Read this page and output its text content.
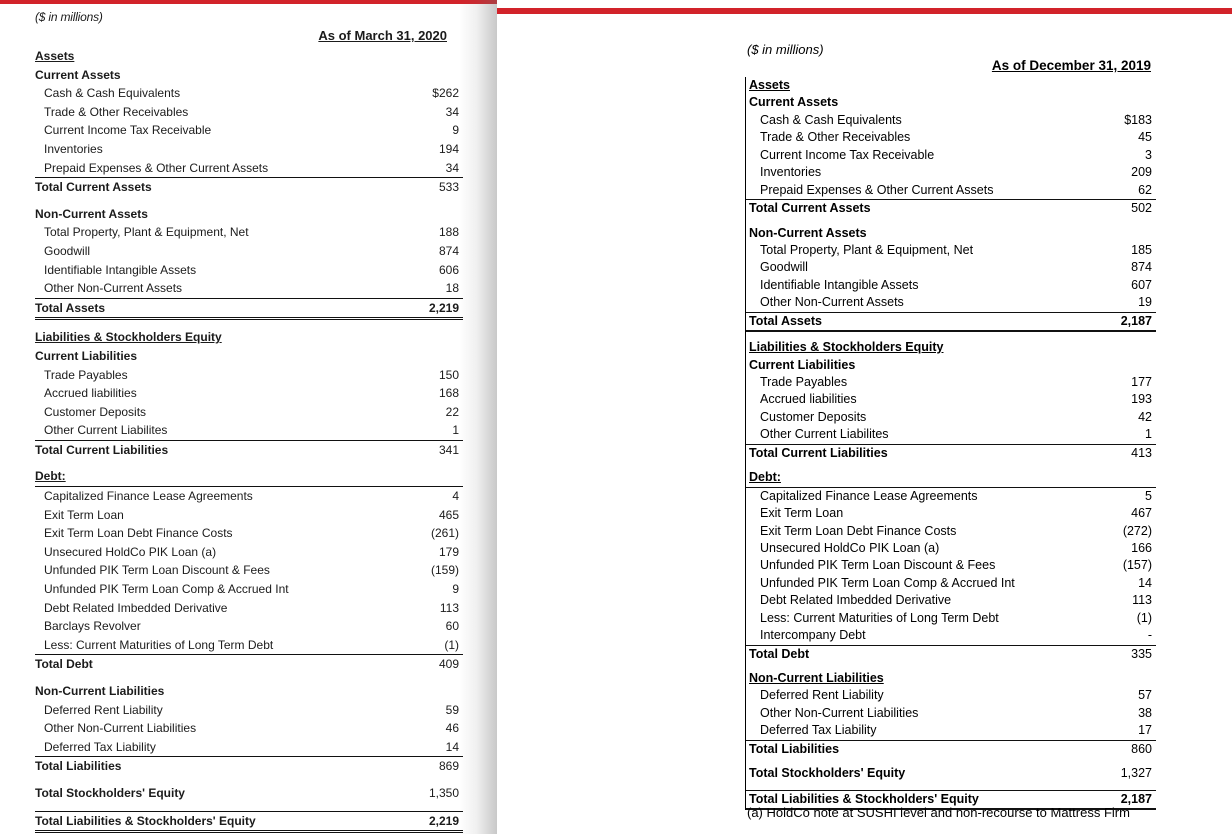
($ in millions)
As of March 31, 2020
Assets
Current Assets
Cash & Cash Equivalents	$262
Trade & Other Receivables	34
Current Income Tax Receivable	9
Inventories	194
Prepaid Expenses & Other Current Assets	34
Total Current Assets	533
Non-Current Assets
Total Property, Plant & Equipment, Net	188
Goodwill	874
Identifiable Intangible Assets	606
Other Non-Current Assets	18
Total Assets	2,219
Liabilities & Stockholders Equity
Current Liabilities
Trade Payables	150
Accrued liabilities	168
Customer Deposits	22
Other Current Liabilites	1
Total Current Liabilities	341
Debt:
Capitalized Finance Lease Agreements	4
Exit Term Loan	465
Exit Term Loan Debt Finance Costs	(261)
Unsecured HoldCo PIK Loan (a)	179
Unfunded PIK Term Loan Discount & Fees	(159)
Unfunded PIK Term Loan Comp & Accrued Int	9
Debt Related Imbedded Derivative	113
Barclays Revolver	60
Less: Current Maturities of Long Term Debt	(1)
Total Debt	409
Non-Current Liabilities
Deferred Rent Liability	59
Other Non-Current Liabilities	46
Deferred Tax Liability	14
Total Liabilities	869
Total Stockholders' Equity	1,350
Total Liabilities & Stockholders' Equity	2,219
($ in millions)
As of December 31, 2019
Assets
Current Assets
Cash & Cash Equivalents	$183
Trade & Other Receivables	45
Current Income Tax Receivable	3
Inventories	209
Prepaid Expenses & Other Current Assets	62
Total Current Assets	502
Non-Current Assets
Total Property, Plant & Equipment, Net	185
Goodwill	874
Identifiable Intangible Assets	607
Other Non-Current Assets	19
Total Assets	2,187
Liabilities & Stockholders Equity
Current Liabilities
Trade Payables	177
Accrued liabilities	193
Customer Deposits	42
Other Current Liabilites	1
Total Current Liabilities	413
Debt:
Capitalized Finance Lease Agreements	5
Exit Term Loan	467
Exit Term Loan Debt Finance Costs	(272)
Unsecured HoldCo PIK Loan (a)	166
Unfunded PIK Term Loan Discount & Fees	(157)
Unfunded PIK Term Loan Comp & Accrued Int	14
Debt Related Imbedded Derivative	113
Less: Current Maturities of Long Term Debt	(1)
Intercompany Debt	-
Total Debt	335
Non-Current Liabilities
Deferred Rent Liability	57
Other Non-Current Liabilities	38
Deferred Tax Liability	17
Total Liabilities	860
Total Stockholders' Equity	1,327
Total Liabilities & Stockholders' Equity	2,187
(a) HoldCo note at SUSHI level and non-recourse to Mattress Firm
